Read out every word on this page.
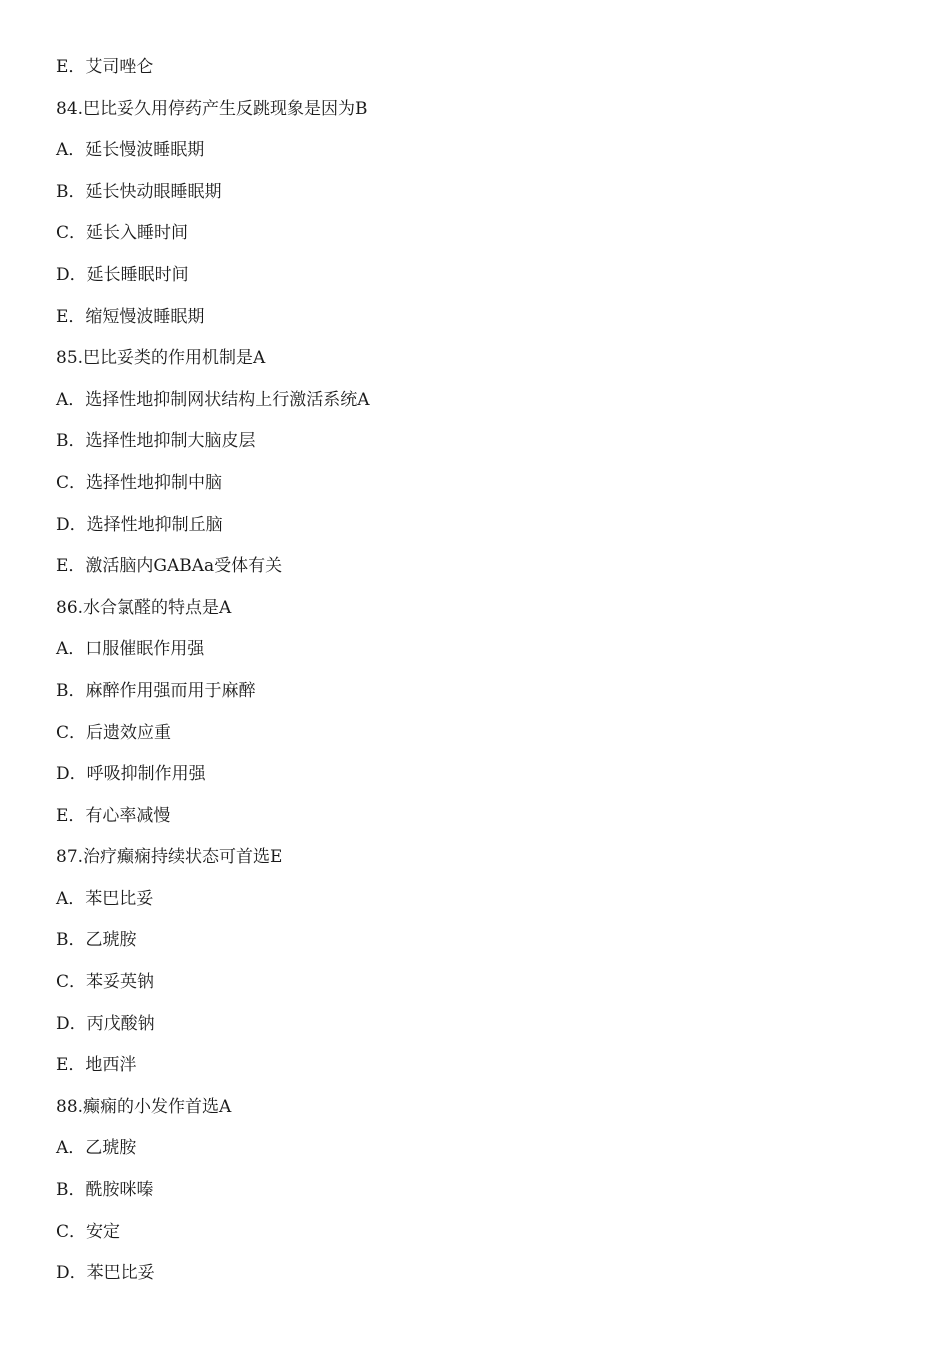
E．艾司唑仑
84.巴比妥久用停药产生反跳现象是因为B
A．延长慢波睡眠期
B．延长快动眼睡眠期
C．延长入睡时间
D．延长睡眠时间
E．缩短慢波睡眠期
85.巴比妥类的作用机制是A
A．选择性地抑制网状结构上行激活系统A
B．选择性地抑制大脑皮层
C．选择性地抑制中脑
D．选择性地抑制丘脑
E．激活脑内GABAa受体有关
86.水合氯醛的特点是A
A．口服催眠作用强
B．麻醉作用强而用于麻醉
C．后遗效应重
D．呼吸抑制作用强
E．有心率减慢
87.治疗癫痫持续状态可首选E
A．苯巴比妥
B．乙琥胺
C．苯妥英钠
D．丙戊酸钠
E．地西泮
88.癫痫的小发作首选A
A．乙琥胺
B．酰胺咪嗪
C．安定
D．苯巴比妥
